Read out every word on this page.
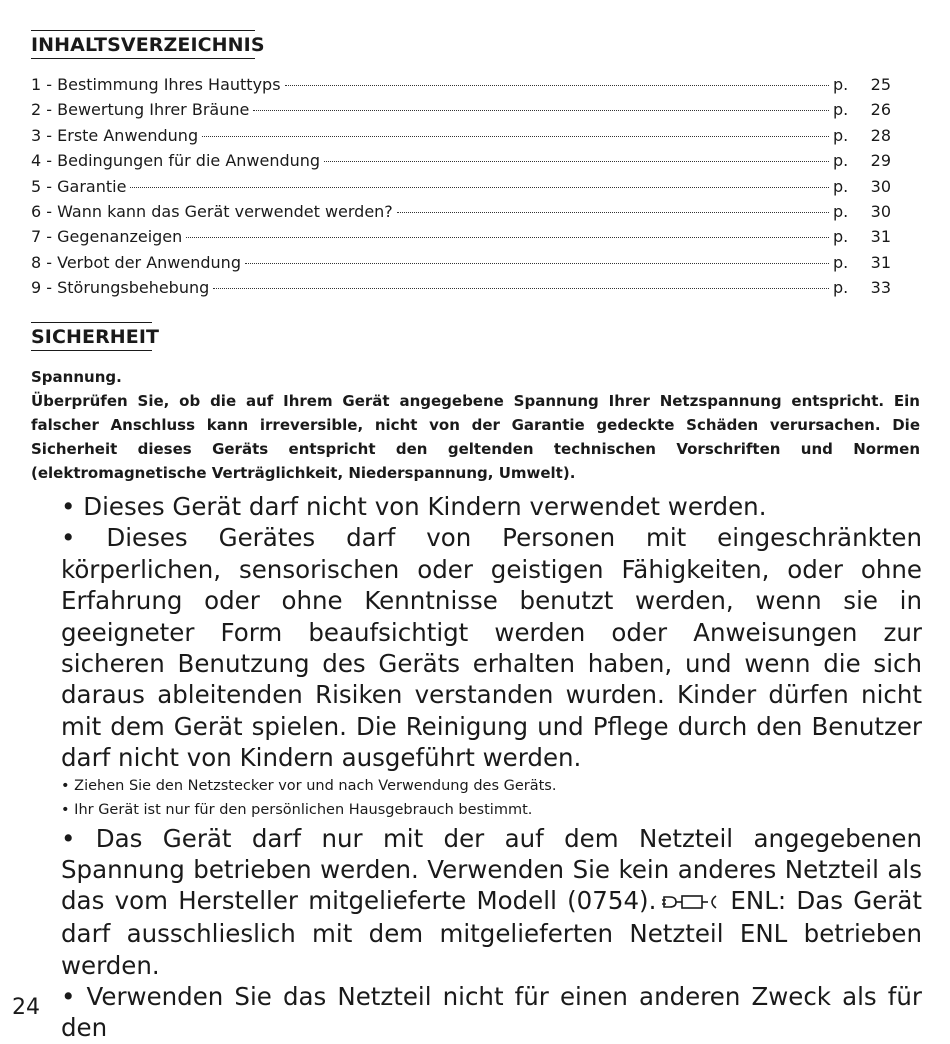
INHALTSVERZEICHNIS
1 - Bestimmung Ihres Hauttyps	p.	25
2 - Bewertung Ihrer Bräune	p.	26
3 - Erste Anwendung	p.	28
4 - Bedingungen für die Anwendung	p.	29
5 - Garantie	p.	30
6 - Wann kann das Gerät verwendet werden?	p.	30
7 - Gegenanzeigen	p.	31
8 - Verbot der Anwendung	p.	31
9 - Störungsbehebung	p.	33
SICHERHEIT

Spannung.

Überprüfen Sie, ob die auf Ihrem Gerät angegebene Spannung Ihrer Netzspannung entspricht. Ein falscher Anschluss kann irreversible, nicht von der Garantie gedeckte Schäden verursachen. Die Sicherheit dieses Geräts entspricht den geltenden technischen Vorschriften und Normen (elektromagnetische Verträglichkeit, Niederspannung, Umwelt).

• Dieses Gerät darf nicht von Kindern verwendet werden.

• Dieses Gerätes darf von Personen mit eingeschränkten körperlichen, sensorischen oder geistigen Fähigkeiten, oder ohne Erfahrung oder ohne Kenntnisse benutzt werden, wenn sie in geeigneter Form beaufsichtigt werden oder Anweisungen zur sicheren Benutzung des Geräts erhalten haben, und wenn die sich daraus ableitenden Risiken verstanden wurden. Kinder dürfen nicht mit dem Gerät spielen. Die Reinigung und Pflege durch den Benutzer darf nicht von Kindern ausgeführt werden.

• Ziehen Sie den Netzstecker vor und nach Verwendung des Geräts.

• Ihr Gerät ist nur für den persönlichen Hausgebrauch bestimmt.

• Das Gerät darf nur mit der auf dem Netzteil angegebenen Spannung betrieben werden. Verwenden Sie kein anderes Netzteil als das vom Hersteller mitgelieferte Modell (0754).	ENL: Das Gerät darf ausschlieslich mit dem mitgelieferten Netzteil ENL betrieben werden.

• Verwenden Sie das Netzteil nicht für einen anderen Zweck als für den

24
